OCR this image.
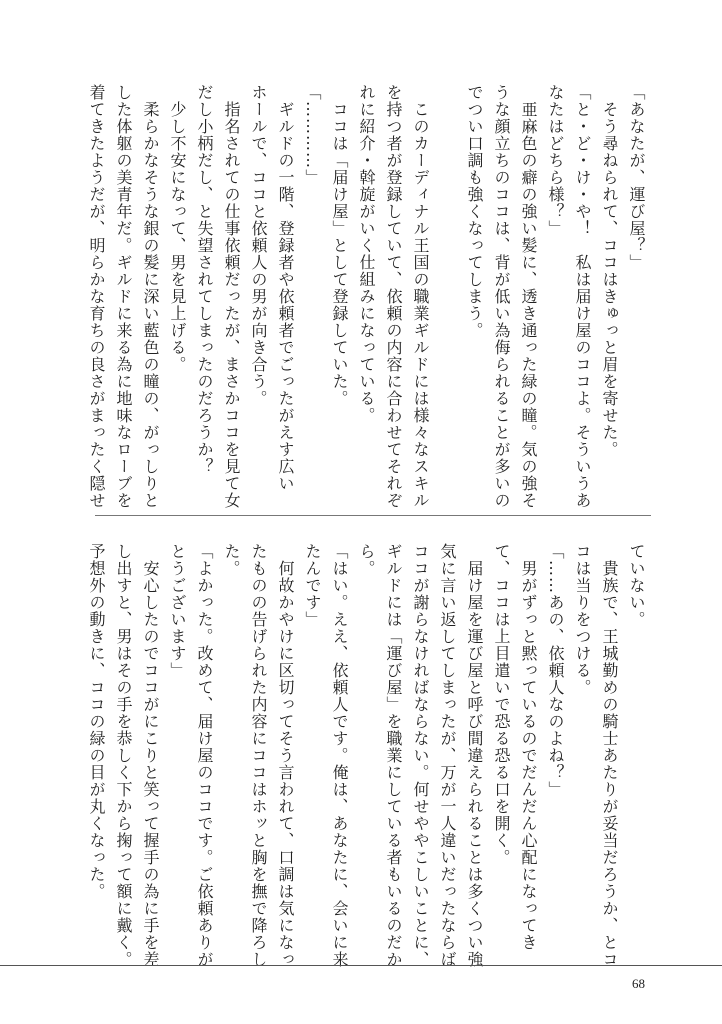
「あなたが、運び屋？」
　そう尋ねられて、ココはきゅっと眉を寄せた。
「と・ど・け・や！　私は届け屋のココよ。そういうあ
なたはどちら様？」
　亜麻色の癖の強い髪に、透き通った緑の瞳。気の強そ
うな顔立ちのココは、背が低い為侮られることが多いの
でつい口調も強くなってしまう。
　このカーディナル王国の職業ギルドには様々なスキル
を持つ者が登録していて、依頼の内容に合わせてそれぞ
れに紹介・斡旋がいく仕組みになっている。
　ココは「届け屋」として登録していた。
「…………」
　ギルドの一階、登録者や依頼者でごったがえす広い
ホールで、ココと依頼人の男が向き合う。
　指名されての仕事依頼だったが、まさかココを見て女
だし小柄だし、と失望されてしまったのだろうか？
　少し不安になって、男を見上げる。
　柔らかなそうな銀の髪に深い藍色の瞳の、がっしりと
した体躯の美青年だ。ギルドに来る為に地味なローブを
着てきたようだが、明らかな育ちの良さがまったく隠せ
ていない。
　貴族で、王城勤めの騎士あたりが妥当だろうか、とコ
コは当りをつける。
「……あの、依頼人なのよね？」
　男がずっと黙っているのでだんだん心配になってき
て、ココは上目遣いで恐る恐る口を開く。
　届け屋を運び屋と呼び間違えられることは多くつい強
気に言い返してしまったが、万が一人違いだったならば
ココが謝らなければならない。何せややこしいことに、
ギルドには「運び屋」を職業にしている者もいるのだか
ら。
「はい。ええ、依頼人です。俺は、あなたに、会いに来
たんです」
　何故かやけに区切ってそう言われて、口調は気になっ
たものの告げられた内容にココはホッと胸を撫で降ろし
た。
「よかった。改めて、届け屋のココです。ご依頼ありが
とうございます」
　安心したのでココがにこりと笑って握手の為に手を差
し出すと、男はその手を恭しく下から掬って額に戴く。
予想外の動きに、ココの緑の目が丸くなった。
68
